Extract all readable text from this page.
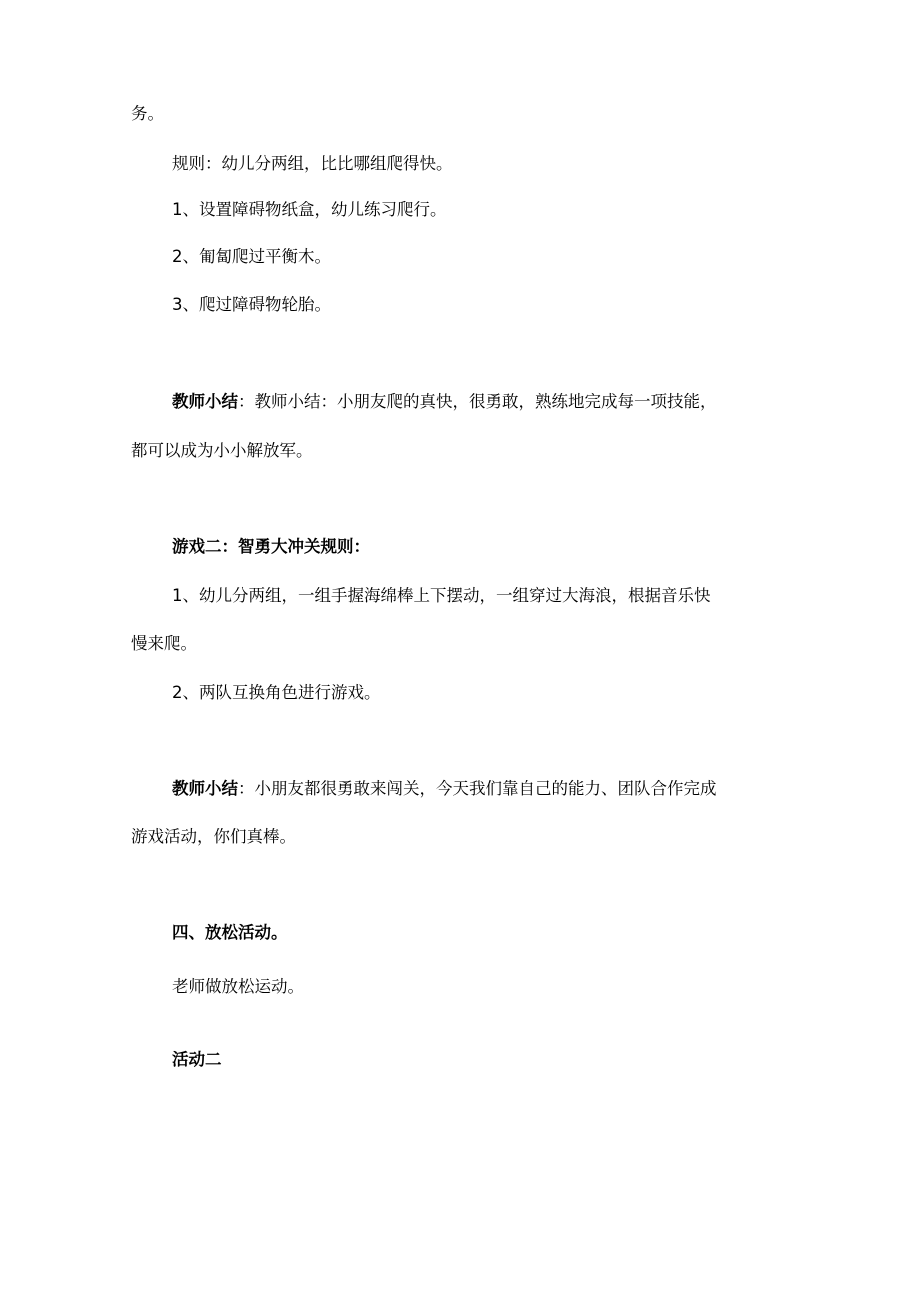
务。
规则：幼儿分两组，比比哪组爬得快。
1、设置障碍物纸盒，幼儿练习爬行。
2、匍匐爬过平衡木。
3、爬过障碍物轮胎。
教师小结：教师小结：小朋友爬的真快，很勇敢，熟练地完成每一项技能，
都可以成为小小解放军。
游戏二：智勇大冲关规则：
1、幼儿分两组，一组手握海绵棒上下摆动，一组穿过大海浪，根据音乐快
慢来爬。
2、两队互换角色进行游戏。
教师小结：小朋友都很勇敢来闯关，今天我们靠自己的能力、团队合作完成
游戏活动，你们真棒。
四、放松活动。
老师做放松运动。
活动二
